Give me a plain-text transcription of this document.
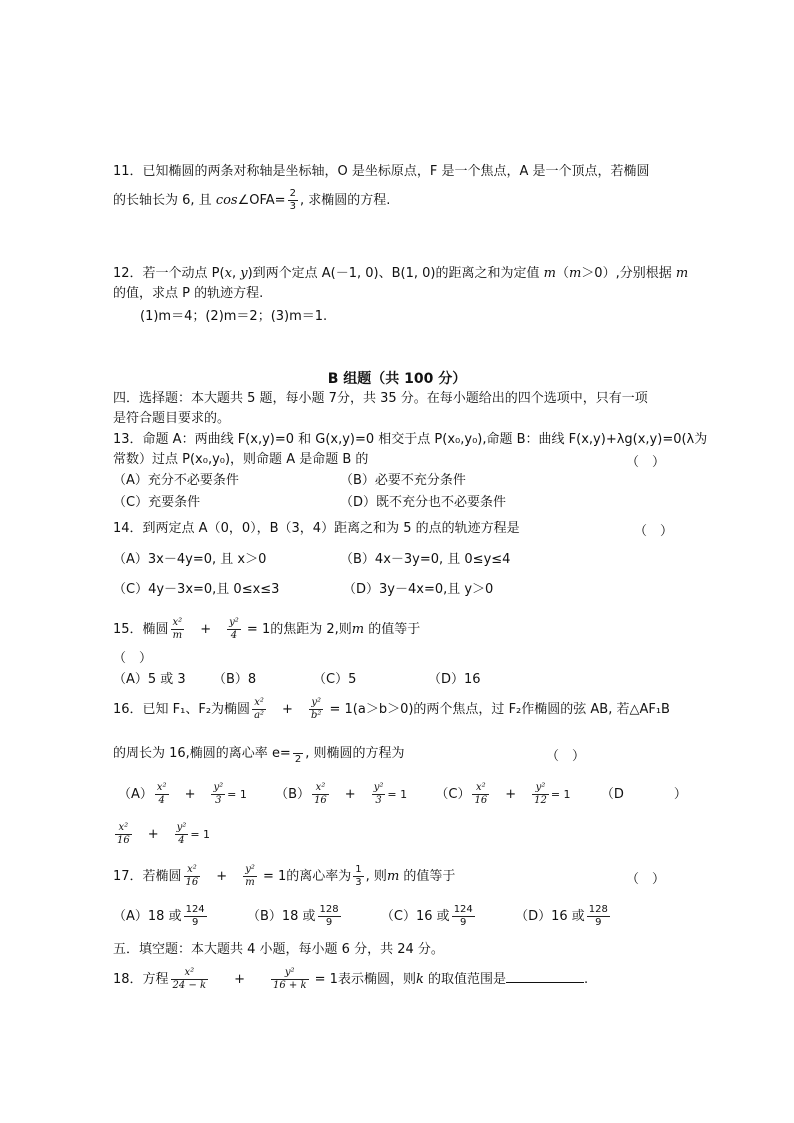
11．已知椭圆的两条对称轴是坐标轴，O 是坐标原点，F 是一个焦点，A 是一个顶点，若椭圆
的长轴长为 6, 且 cos∠OFA= $\frac{2}{3}$ , 求椭圆的方程.
12．若一个动点 P(x, y)到两个定点 A(－1, 0)、B(1, 0)的距离之和为定值 m（m＞0）,分别根据 m
的值，求点 P 的轨迹方程.
(1)m＝4；(2)m＝2；(3)m＝1.
B 组题（共 100 分）
四．选择题：本大题共 5 题，每小题 7分，共 35 分。在每小题给出的四个选项中，只有一项
是符合题目要求的。
13．命题 A：两曲线 F(x,y)=0 和 G(x,y)=0 相交于点 P(x₀,y₀),命题 B：曲线 F(x,y)+λg(x,y)=0(λ为
常数）过点 P(x₀,y₀)，则命题 A 是命题 B 的	（　）
（A）充分不必要条件	（B）必要不充分条件
（C）充要条件	（D）既不充分也不必要条件
14．到两定点 A（0，0），B（3，4）距离之和为 5 的点的轨迹方程是	（　）
（A）3x－4y=0, 且 x＞0	（B）4x－3y=0, 且 0≤y≤4
（C）4y－3x=0,且 0≤x≤3	（D）3y－4x=0,且 y＞0
15．椭圆 $\frac{\text{x²}}{m} + \frac{\text{y²}}{4} = 1$的焦距为 2,则m 的值等于
（　）
（A）5 或 3 （B）8	（C）5	（D）16
16．已知 F₁、F₂为椭圆 $\frac{\text{x²}}{\text{a²}} + \frac{\text{y²}}{\text{b²}} = 1(a>b>0)$的两个焦点，过 F₂作椭圆的弦 AB, 若△AF₁B
的周长为 16,椭圆的离心率 e= 2 , 则椭圆的方程为	（　）
$(A) \frac{\text{x²}}{4} + \frac{\text{y²}}{3} = 1$ $(B) \frac{\text{x²}}{16} + \frac{\text{y²}}{3} = 1$ $(C) \frac{\text{x²}}{16} + \frac{\text{y²}}{12} = 1$ （D	）
$\frac{\text{x²}}{16} + \frac{\text{y²}}{4} = 1$
17．若椭圆 $\frac{\text{x²}}{16} + \frac{\text{y²}}{m} = 1$的离心率为 $\frac{1}{3}$ , 则m 的值等于	（　）
（A）18 或 $\frac{124}{9}$	（B）18 或 $\frac{128}{9}$	（C）16 或 $\frac{124}{9}$	（D）16 或 $\frac{128}{9}$
五．填空题：本大题共 4 小题，每小题 6 分，共 24 分。
18．方程 $\frac{\text{x²}}{24 - k}$ +	$\frac{\text{y²}}{16 + k} = 1$表示椭圆，则k 的取值范围是	.
